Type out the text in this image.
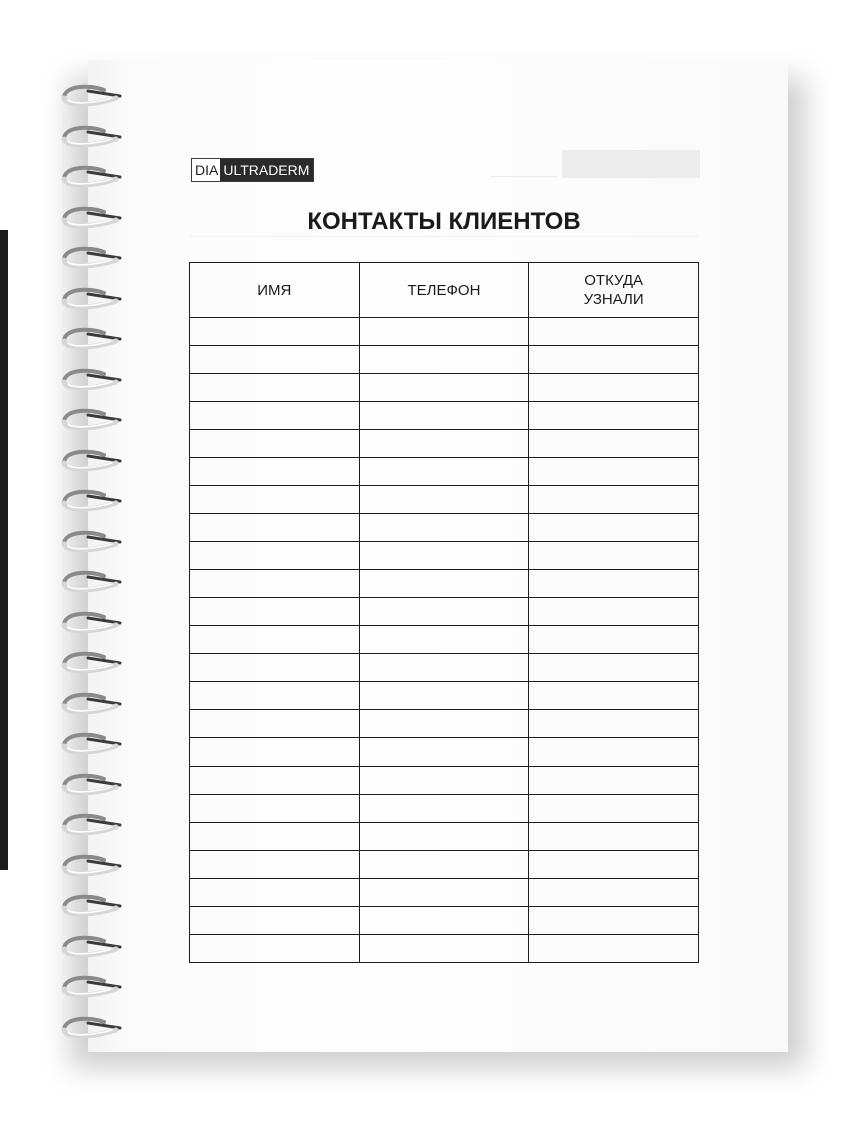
DIA ULTRADERM
КОНТАКТЫ КЛИЕНТОВ
ИМЯ	ТЕЛЕФОН	ОТКУДА
УЗНАЛИ
